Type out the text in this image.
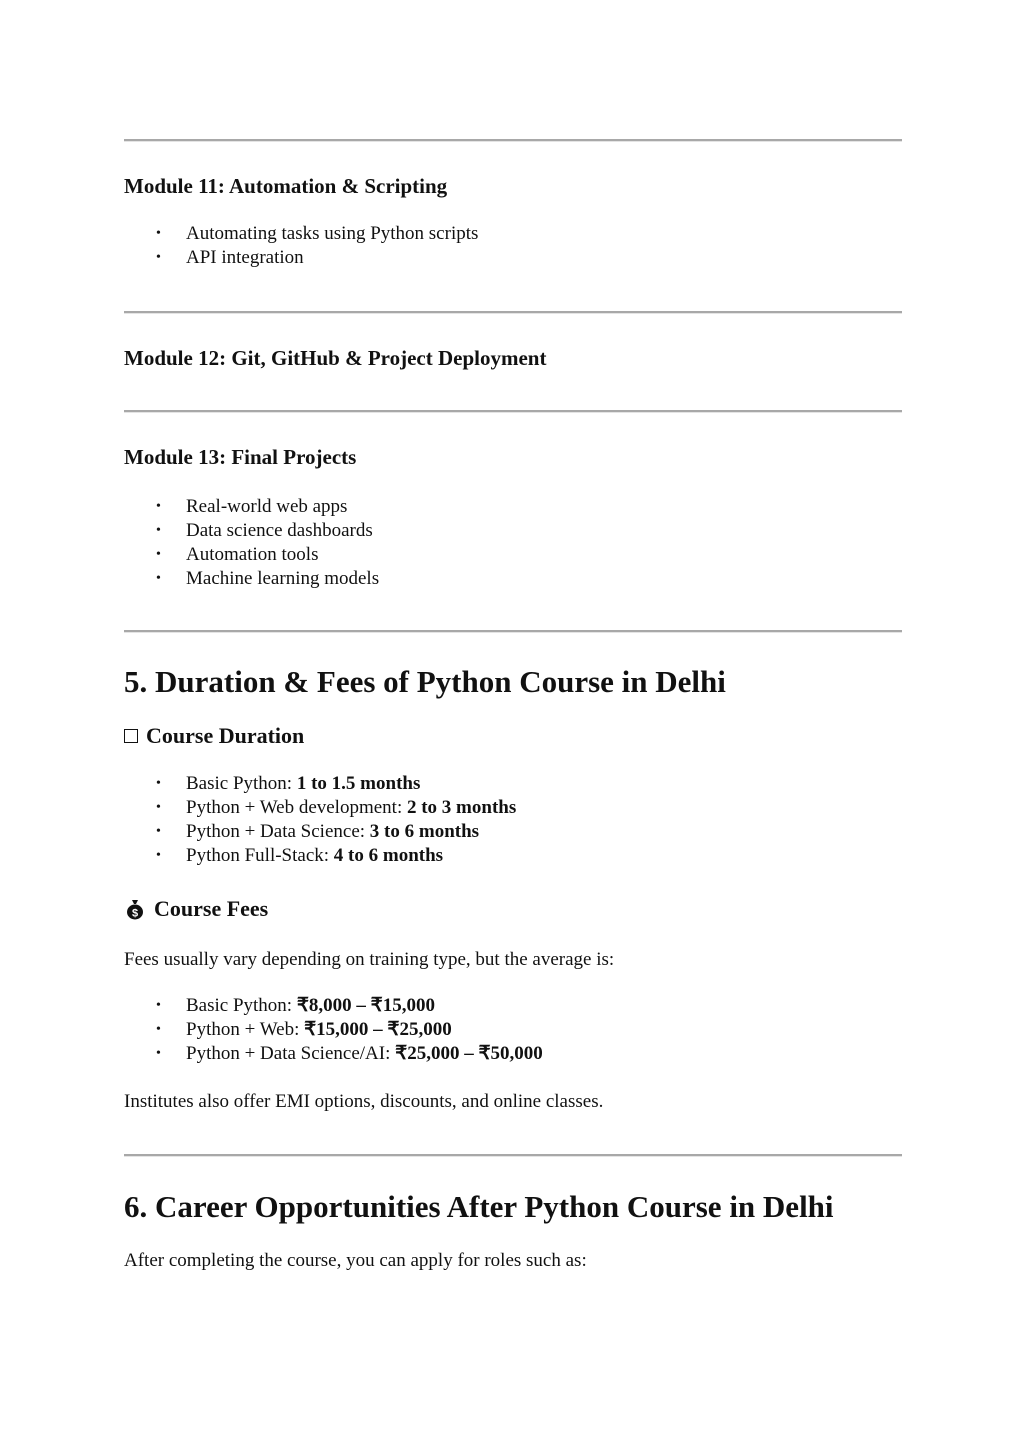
Module 11: Automation & Scripting
• Automating tasks using Python scripts
• API integration
Module 12: Git, GitHub & Project Deployment
Module 13: Final Projects
• Real-world web apps
• Data science dashboards
• Automation tools
• Machine learning models
5. Duration & Fees of Python Course in Delhi
Course Duration
• Basic Python: 1 to 1.5 months
• Python + Web development: 2 to 3 months
• Python + Data Science: 3 to 6 months
• Python Full-Stack: 4 to 6 months
$ Course Fees
Fees usually vary depending on training type, but the average is:
• Basic Python: ₹8,000 – ₹15,000
• Python + Web: ₹15,000 – ₹25,000
• Python + Data Science/AI: ₹25,000 – ₹50,000
Institutes also offer EMI options, discounts, and online classes.
6. Career Opportunities After Python Course in Delhi
After completing the course, you can apply for roles such as:
